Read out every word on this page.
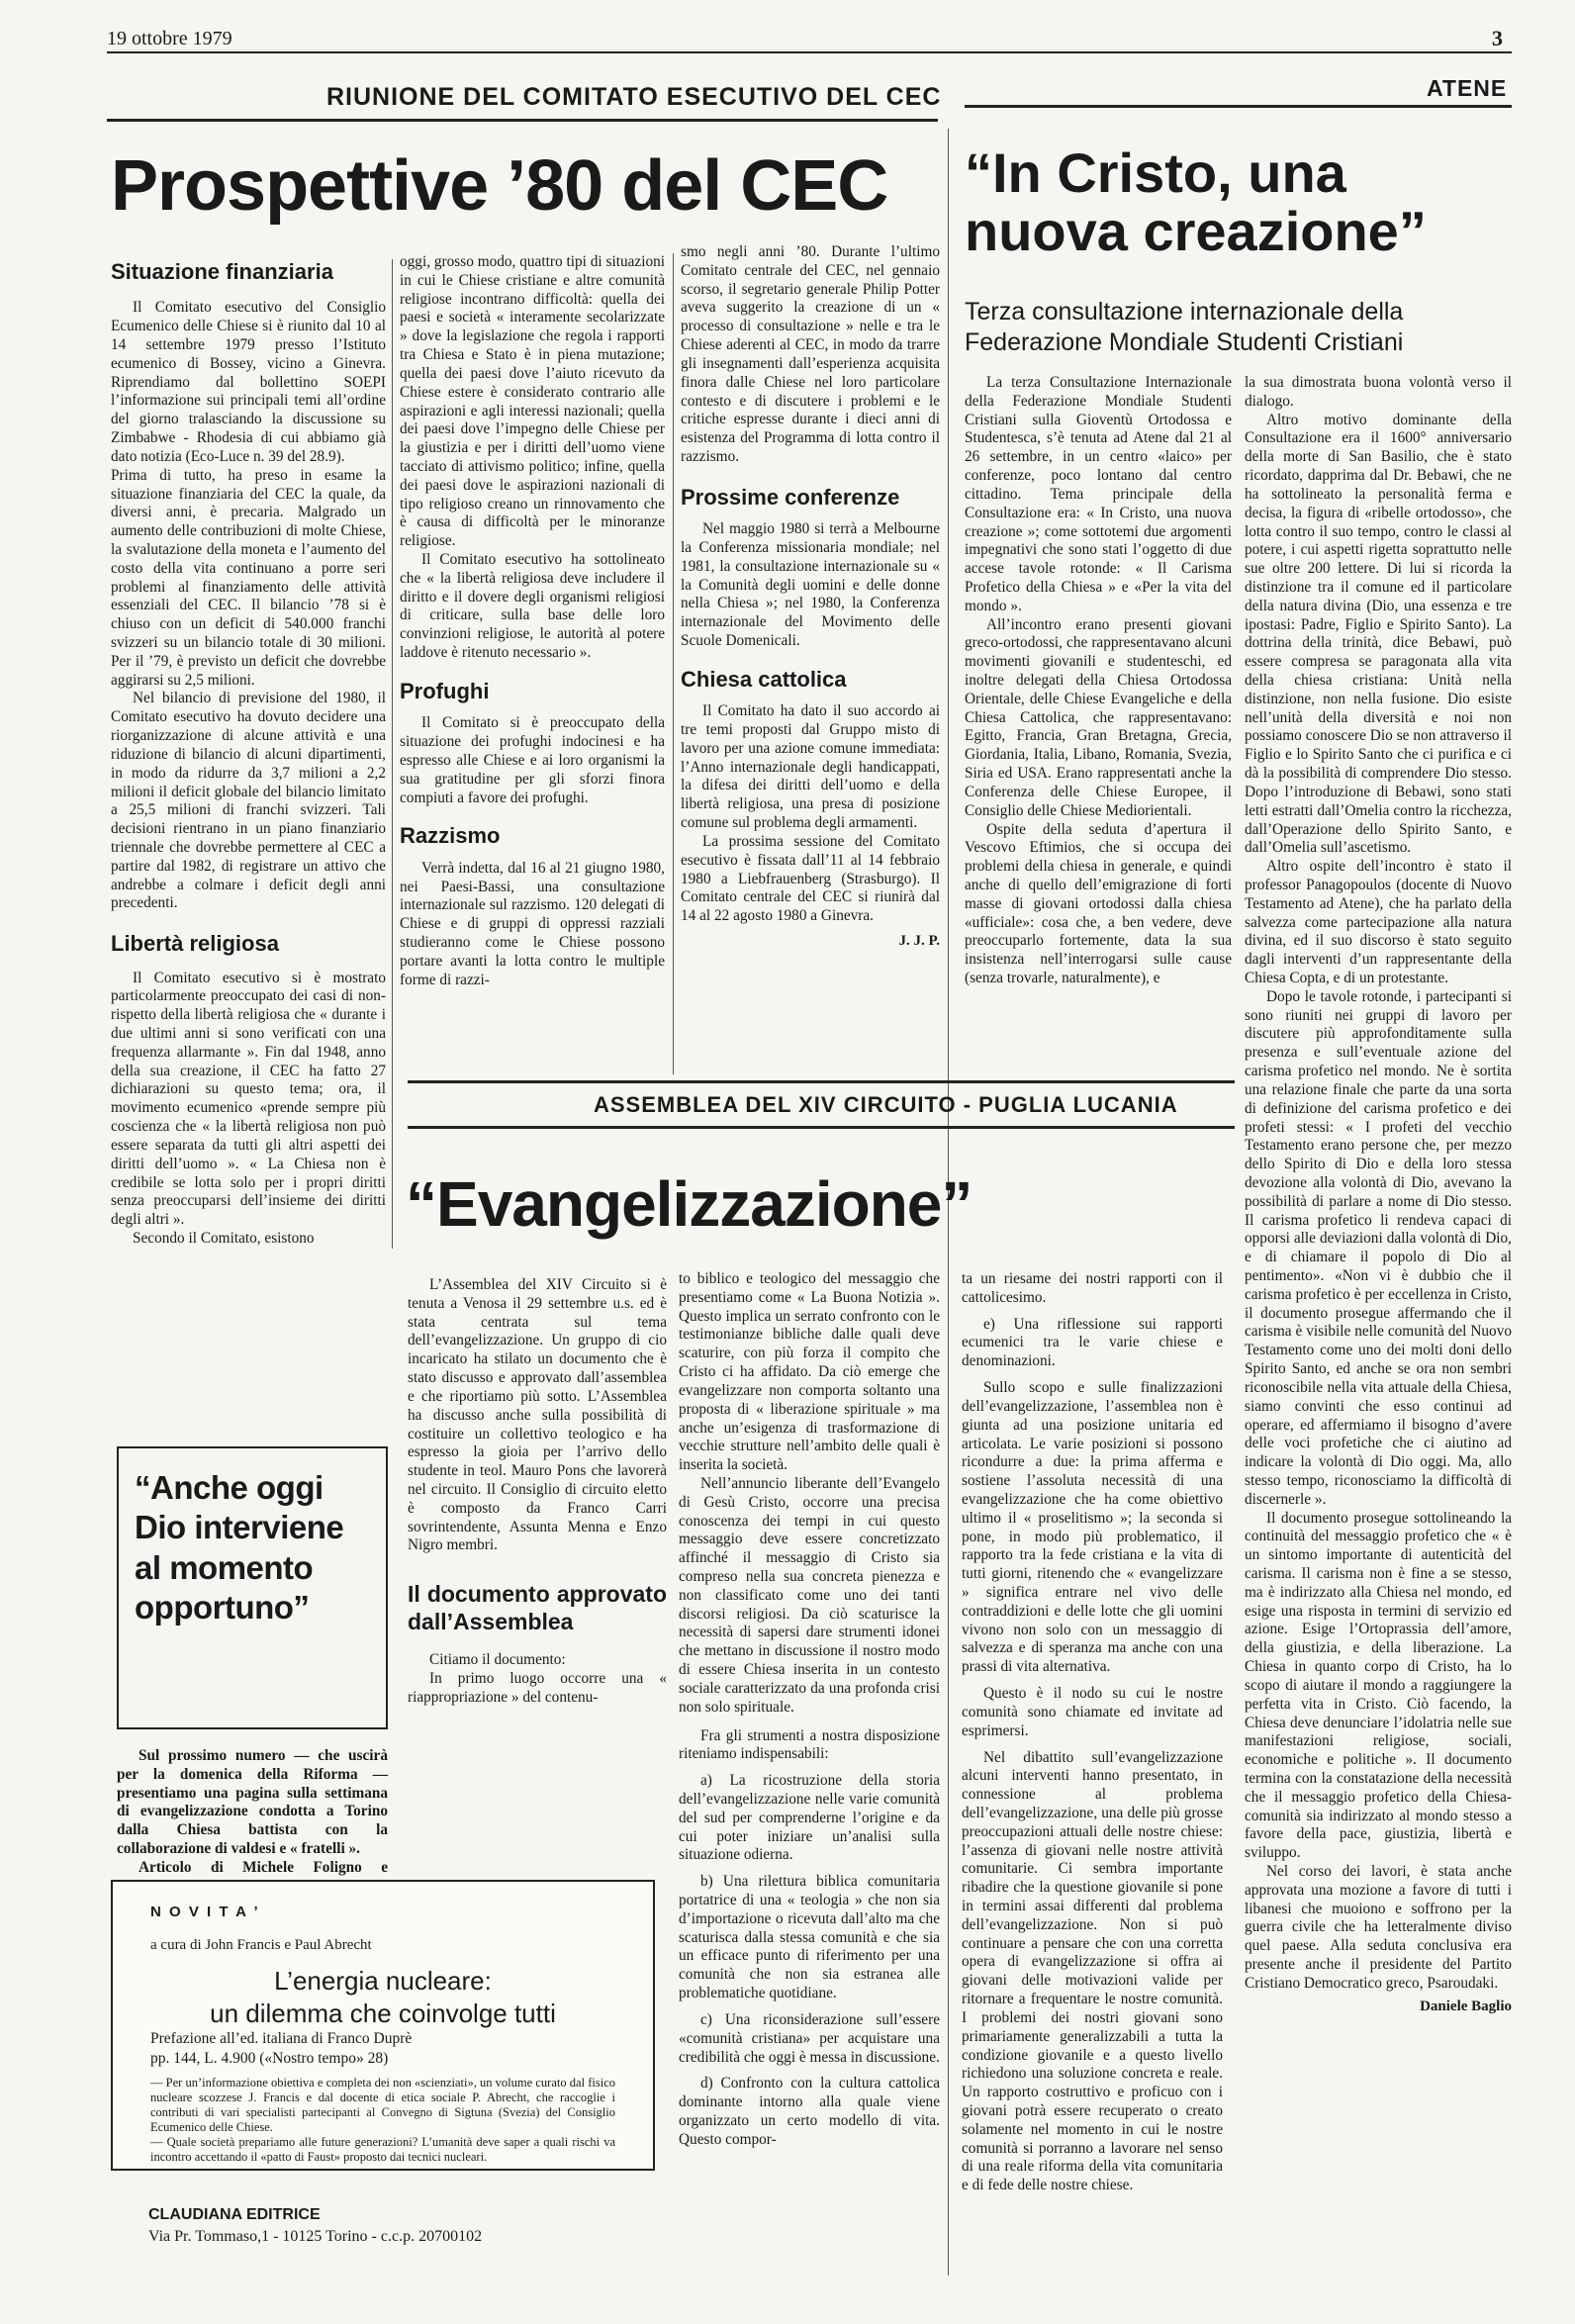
19 ottobre 1979	3
RIUNIONE DEL COMITATO ESECUTIVO DEL CEC	ATENE
Prospettive ’80 del CEC
Situazione finanziaria

Il Comitato esecutivo del Consiglio Ecumenico delle Chiese si è riunito dal 10 al 14 settembre 1979 presso l’Istituto ecumenico di Bossey, vicino a Ginevra. Riprendiamo dal bollettino SOEPI l’informazione sui principali temi all’ordine del giorno tralasciando la discussione su Zimbabwe - Rhodesia di cui abbiamo già dato notizia (Eco-Luce n. 39 del 28.9).

Prima di tutto, ha preso in esame la situazione finanziaria del CEC la quale, da diversi anni, è precaria. Malgrado un aumento delle contribuzioni di molte Chiese, la svalutazione della moneta e l’aumento del costo della vita continuano a porre seri problemi al finanziamento delle attività essenziali del CEC. Il bilancio ’78 si è chiuso con un deficit di 540.000 franchi svizzeri su un bilancio totale di 30 milioni. Per il ’79, è previsto un deficit che dovrebbe aggirarsi su 2,5 milioni.

Nel bilancio di previsione del 1980, il Comitato esecutivo ha dovuto decidere una riorganizzazione di alcune attività e una riduzione di bilancio di alcuni dipartimenti, in modo da ridurre da 3,7 milioni a 2,2 milioni il deficit globale del bilancio limitato a 25,5 milioni di franchi svizzeri. Tali decisioni rientrano in un piano finanziario triennale che dovrebbe permettere al CEC a partire dal 1982, di registrare un attivo che andrebbe a colmare i deficit degli anni precedenti.

Libertà religiosa

Il Comitato esecutivo si è mostrato particolarmente preoccupato dei casi di non-rispetto della libertà religiosa che « durante i due ultimi anni si sono verificati con una frequenza allarmante ». Fin dal 1948, anno della sua creazione, il CEC ha fatto 27 dichiarazioni su questo tema; ora, il movimento ecumenico «prende sempre più coscienza che « la libertà religiosa non può essere separata da tutti gli altri aspetti dei diritti dell’uomo ». « La Chiesa non è credibile se lotta solo per i propri diritti senza preoccuparsi dell’insieme dei diritti degli altri ».

Secondo il Comitato, esistono

oggi, grosso modo, quattro tipi di situazioni in cui le Chiese cristiane e altre comunità religiose incontrano difficoltà: quella dei paesi e società « interamente secolarizzate » dove la legislazione che regola i rapporti tra Chiesa e Stato è in piena mutazione; quella dei paesi dove l’aiuto ricevuto da Chiese estere è considerato contrario alle aspirazioni e agli interessi nazionali; quella dei paesi dove l’impegno delle Chiese per la giustizia e per i diritti dell’uomo viene tacciato di attivismo politico; infine, quella dei paesi dove le aspirazioni nazionali di tipo religioso creano un rinnovamento che è causa di difficoltà per le minoranze religiose.

Il Comitato esecutivo ha sottolineato che « la libertà religiosa deve includere il diritto e il dovere degli organismi religiosi di criticare, sulla base delle loro convinzioni religiose, le autorità al potere laddove è ritenuto necessario ».

Profughi

Il Comitato si è preoccupato della situazione dei profughi indocinesi e ha espresso alle Chiese e ai loro organismi la sua gratitudine per gli sforzi finora compiuti a favore dei profughi.

Razzismo

Verrà indetta, dal 16 al 21 giugno 1980, nei Paesi-Bassi, una consultazione internazionale sul razzismo. 120 delegati di Chiese e di gruppi di oppressi razziali studieranno come le Chiese possono portare avanti la lotta contro le multiple forme di razzi-

smo negli anni ’80. Durante l’ultimo Comitato centrale del CEC, nel gennaio scorso, il segretario generale Philip Potter aveva suggerito la creazione di un « processo di consultazione » nelle e tra le Chiese aderenti al CEC, in modo da trarre gli insegnamenti dall’esperienza acquisita finora dalle Chiese nel loro particolare contesto e di discutere i problemi e le critiche espresse durante i dieci anni di esistenza del Programma di lotta contro il razzismo.

Prossime conferenze

Nel maggio 1980 si terrà a Melbourne la Conferenza missionaria mondiale; nel 1981, la consultazione internazionale su « la Comunità degli uomini e delle donne nella Chiesa »; nel 1980, la Conferenza internazionale del Movimento delle Scuole Domenicali.

Chiesa cattolica

Il Comitato ha dato il suo accordo ai tre temi proposti dal Gruppo misto di lavoro per una azione comune immediata: l’Anno internazionale degli handicappati, la difesa dei diritti dell’uomo e della libertà religiosa, una presa di posizione comune sul problema degli armamenti.

La prossima sessione del Comitato esecutivo è fissata dall’11 al 14 febbraio 1980 a Liebfrauenberg (Strasburgo). Il Comitato centrale del CEC si riunirà dal 14 al 22 agosto 1980 a Ginevra.

J. J. P.
“In Cristo, una nuova creazione”
Terza consultazione internazionale della Federazione Mondiale Studenti Cristiani

La terza Consultazione Internazionale della Federazione Mondiale Studenti Cristiani sulla Gioventù Ortodossa e Studentesca, s’è tenuta ad Atene dal 21 al 26 settembre, in un centro «laico» per conferenze, poco lontano dal centro cittadino. Tema principale della Consultazione era: « In Cristo, una nuova creazione »; come sottotemi due argomenti impegnativi che sono stati l’oggetto di due accese tavole rotonde: « Il Carisma Profetico della Chiesa » e «Per la vita del mondo ».

All’incontro erano presenti giovani greco-ortodossi, che rappresentavano alcuni movimenti giovanili e studenteschi, ed inoltre delegati della Chiesa Ortodossa Orientale, delle Chiese Evangeliche e della Chiesa Cattolica, che rappresentavano: Egitto, Francia, Gran Bretagna, Grecia, Giordania, Italia, Libano, Romania, Svezia, Siria ed USA. Erano rappresentati anche la Conferenza delle Chiese Europee, il Consiglio delle Chiese Mediorientali.

Ospite della seduta d’apertura il Vescovo Eftimios, che si occupa dei problemi della chiesa in generale, e quindi anche di quello dell’emigrazione di forti masse di giovani ortodossi dalla chiesa «ufficiale»: cosa che, a ben vedere, deve preoccuparlo fortemente, data la sua insistenza nell’interrogarsi sulle cause (senza trovarle, naturalmente), e

la sua dimostrata buona volontà verso il dialogo.

Altro motivo dominante della Consultazione era il 1600° anniversario della morte di San Basilio, che è stato ricordato, dapprima dal Dr. Bebawi, che ne ha sottolineato la personalità ferma e decisa, la figura di «ribelle ortodosso», che lotta contro il suo tempo, contro le classi al potere, i cui aspetti rigetta soprattutto nelle sue oltre 200 lettere. Di lui si ricorda la distinzione tra il comune ed il particolare della natura divina (Dio, una essenza e tre ipostasi: Padre, Figlio e Spirito Santo). La dottrina della trinità, dice Bebawi, può essere compresa se paragonata alla vita della chiesa cristiana: Unità nella distinzione, non nella fusione. Dio esiste nell’unità della diversità e noi non possiamo conoscere Dio se non attraverso il Figlio e lo Spirito Santo che ci purifica e ci dà la possibilità di comprendere Dio stesso. Dopo l’introduzione di Bebawi, sono stati letti estratti dall’Omelia contro la ricchezza, dall’Operazione dello Spirito Santo, e dall’Omelia sull’ascetismo.

Altro ospite dell’incontro è stato il professor Panagopoulos (docente di Nuovo Testamento ad Atene), che ha parlato della salvezza come partecipazione alla natura divina, ed il suo discorso è stato seguito dagli interventi d’un rappresentante della Chiesa Copta, e di un protestante.

Dopo le tavole rotonde, i partecipanti si sono riuniti nei gruppi di lavoro per discutere più approfonditamente sulla presenza e sull’eventuale azione del carisma profetico nel mondo. Ne è sortita una relazione finale che parte da una sorta di definizione del carisma profetico e dei profeti stessi: « I profeti del vecchio Testamento erano persone che, per mezzo dello Spirito di Dio e della loro stessa devozione alla volontà di Dio, avevano la possibilità di parlare a nome di Dio stesso. Il carisma profetico li rendeva capaci di opporsi alle deviazioni dalla volontà di Dio, e di chiamare il popolo di Dio al pentimento». «Non vi è dubbio che il carisma profetico è per eccellenza in Cristo, il documento prosegue affermando che il carisma è visibile nelle comunità del Nuovo Testamento come uno dei molti doni dello Spirito Santo, ed anche se ora non sembri riconoscibile nella vita attuale della Chiesa, siamo convinti che esso continui ad operare, ed affermiamo il bisogno d’avere delle voci profetiche che ci aiutino ad indicare la volontà di Dio oggi. Ma, allo stesso tempo, riconosciamo la difficoltà di discernerle ».

Il documento prosegue sottolineando la continuità del messaggio profetico che « è un sintomo importante di autenticità del carisma. Il carisma non è fine a se stesso, ma è indirizzato alla Chiesa nel mondo, ed esige una risposta in termini di servizio ed azione. Esige l’Ortoprassia dell’amore, della giustizia, e della liberazione. La Chiesa in quanto corpo di Cristo, ha lo scopo di aiutare il mondo a raggiungere la perfetta vita in Cristo. Ciò facendo, la Chiesa deve denunciare l’idolatria nelle sue manifestazioni religiose, sociali, economiche e politiche ». Il documento termina con la constatazione della necessità che il messaggio profetico della Chiesa-comunità sia indirizzato al mondo stesso a favore della pace, giustizia, libertà e sviluppo.

Nel corso dei lavori, è stata anche approvata una mozione a favore di tutti i libanesi che muoiono e soffrono per la guerra civile che ha letteralmente diviso quel paese. Alla seduta conclusiva era presente anche il presidente del Partito Cristiano Democratico greco, Psaroudaki.

Daniele Baglio
ASSEMBLEA DEL XIV CIRCUITO - PUGLIA LUCANIA
“Evangelizzazione”

L’Assemblea del XIV Circuito si è tenuta a Venosa il 29 settembre u.s. ed è stata centrata sul tema dell’evangelizzazione. Un gruppo di cio incaricato ha stilato un documento che è stato discusso e approvato dall’assemblea e che riportiamo più sotto. L’Assemblea ha discusso anche sulla possibilità di costituire un collettivo teologico e ha espresso la gioia per l’arrivo dello studente in teol. Mauro Pons che lavorerà nel circuito. Il Consiglio di circuito eletto è composto da Franco Carri sovrintendente, Assunta Menna e Enzo Nigro membri.

Il documento approvato dall’Assemblea

Citiamo il documento:

In primo luogo occorre una « riappropriazione » del contenu-

to biblico e teologico del messaggio che presentiamo come « La Buona Notizia ». Questo implica un serrato confronto con le testimonianze bibliche dalle quali deve scaturire, con più forza il compito che Cristo ci ha affidato. Da ciò emerge che evangelizzare non comporta soltanto una proposta di « liberazione spirituale » ma anche un’esigenza di trasformazione di vecchie strutture nell’ambito delle quali è inserita la società.

Nell’annuncio liberante dell’Evangelo di Gesù Cristo, occorre una precisa conoscenza dei tempi in cui questo messaggio deve essere concretizzato affinché il messaggio di Cristo sia compreso nella sua concreta pienezza e non classificato come uno dei tanti discorsi religiosi. Da ciò scaturisce la necessità di sapersi dare strumenti idonei che mettano in discussione il nostro modo di essere Chiesa inserita in un contesto sociale caratterizzato da una profonda crisi non solo spirituale.

Fra gli strumenti a nostra disposizione riteniamo indispensabili:

a) La ricostruzione della storia dell’evangelizzazione nelle varie comunità del sud per comprenderne l’origine e da cui poter iniziare un’analisi sulla situazione odierna.

b) Una rilettura biblica comunitaria portatrice di una « teologia » che non sia d’importazione o ricevuta dall’alto ma che scaturisca dalla stessa comunità e che sia un efficace punto di riferimento per una comunità che non sia estranea alle problematiche quotidiane.

c) Una riconsiderazione sull’essere «comunità cristiana» per acquistare una credibilità che oggi è messa in discussione.

d) Confronto con la cultura cattolica dominante intorno alla quale viene organizzato un certo modello di vita. Questo compor-

ta un riesame dei nostri rapporti con il cattolicesimo.

e) Una riflessione sui rapporti ecumenici tra le varie chiese e denominazioni.

Sullo scopo e sulle finalizzazioni dell’evangelizzazione, l’assemblea non è giunta ad una posizione unitaria ed articolata. Le varie posizioni si possono ricondurre a due: la prima afferma e sostiene l’assoluta necessità di una evangelizzazione che ha come obiettivo ultimo il « proselitismo »; la seconda si pone, in modo più problematico, il rapporto tra la fede cristiana e la vita di tutti giorni, ritenendo che « evangelizzare » significa entrare nel vivo delle contraddizioni e delle lotte che gli uomini vivono non solo con un messaggio di salvezza e di speranza ma anche con una prassi di vita alternativa.

Questo è il nodo su cui le nostre comunità sono chiamate ed invitate ad esprimersi.

Nel dibattito sull’evangelizzazione alcuni interventi hanno presentato, in connessione al problema dell’evangelizzazione, una delle più grosse preoccupazioni attuali delle nostre chiese: l’assenza di giovani nelle nostre attività comunitarie. Ci sembra importante ribadire che la questione giovanile si pone in termini assai differenti dal problema dell’evangelizzazione. Non si può continuare a pensare che con una corretta opera di evangelizzazione si offra ai giovani delle motivazioni valide per ritornare a frequentare le nostre comunità. I problemi dei nostri giovani sono primariamente generalizzabili a tutta la condizione giovanile e a questo livello richiedono una soluzione concreta e reale. Un rapporto costruttivo e proficuo con i giovani potrà essere recuperato o creato solamente nel momento in cui le nostre comunità si porranno a lavorare nel senso di una reale riforma della vita comunitaria e di fede delle nostre chiese.

“Anche oggi Dio interviene al momento opportuno”

Sul prossimo numero — che uscirà per la domenica della Riforma — presentiamo una pagina sulla settimana di evangelizzazione condotta a Torino dalla Chiesa battista con la collaborazione di valdesi e « fratelli ».

Articolo di Michele Foligno e

N O V I T A ’
a cura di John Francis e Paul Abrecht
L’energia nucleare:
un dilemma che coinvolge tutti
Prefazione all’ed. italiana di Franco Duprè
pp. 144, L. 4.900 («Nostro tempo» 28)
— Per un’informazione obiettiva e completa dei non «scienziati», un volume curato dal fisico nucleare scozzese J. Francis e dal docente di etica sociale P. Abrecht, che raccoglie i contributi di vari specialisti partecipanti al Convegno di Sigtuna (Svezia) del Consiglio Ecumenico delle Chiese.
— Quale società prepariamo alle future generazioni? L’umanità deve saper a quali rischi va incontro accettando il «patto di Faust» proposto dai tecnici nucleari.
CLAUDIANA EDITRICE
Via Pr. Tommaso,1 - 10125 Torino - c.c.p. 20700102
